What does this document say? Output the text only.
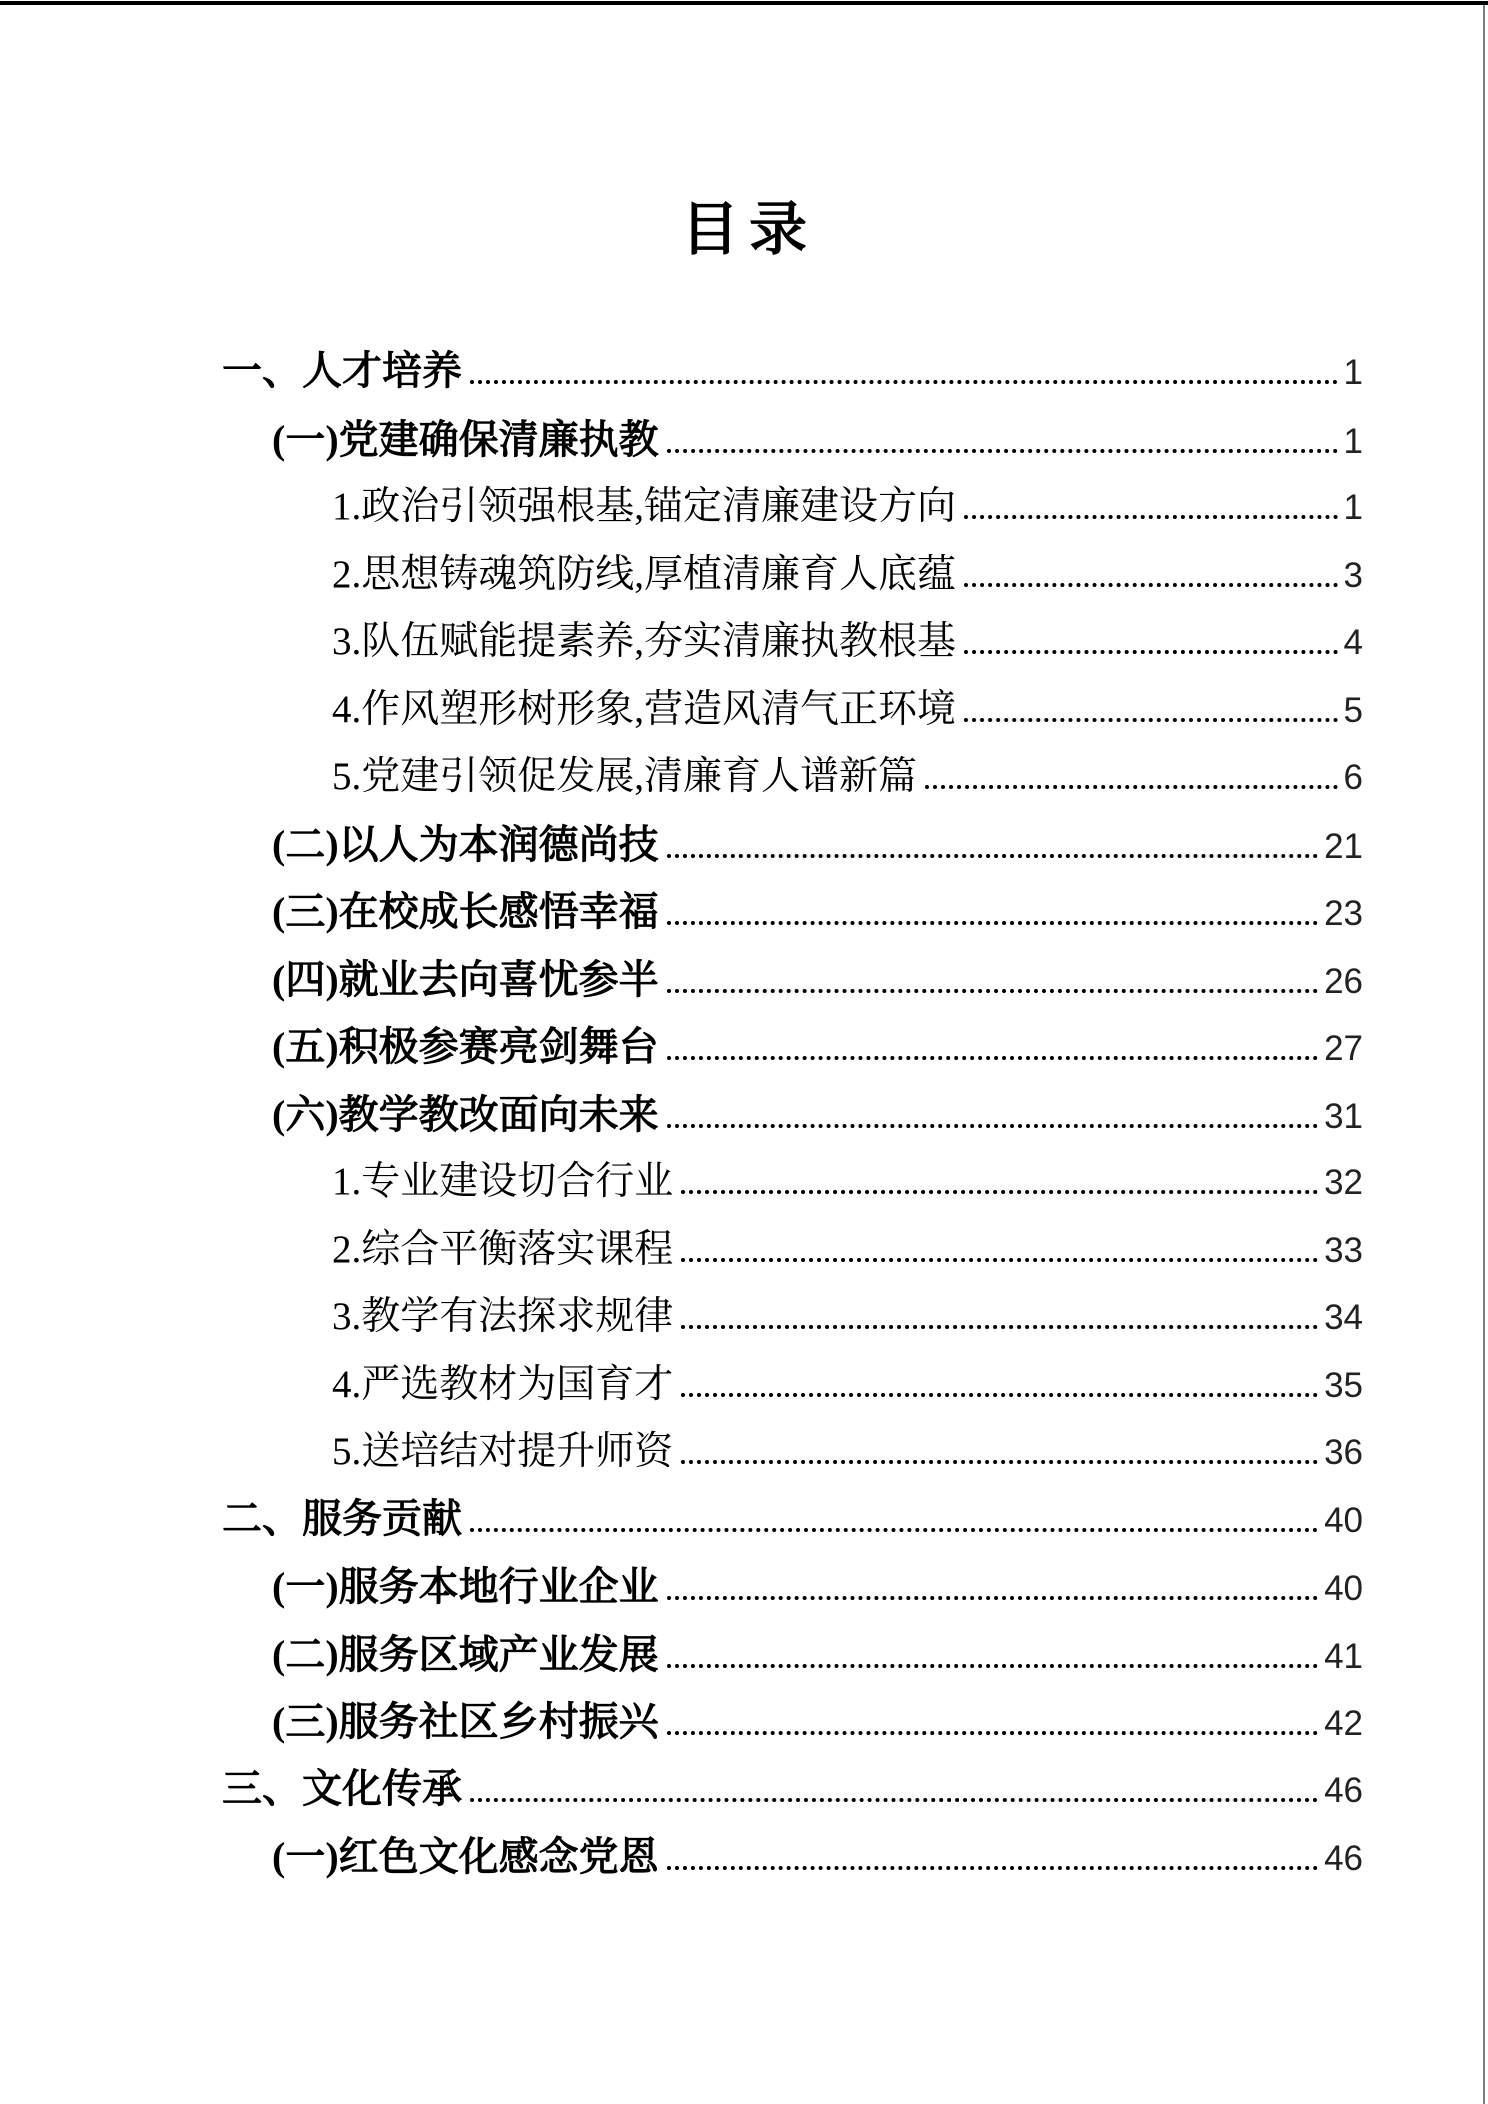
目录
一、人才培养	1
(一)党建确保清廉执教	1
1.政治引领强根基,锚定清廉建设方向	1
2.思想铸魂筑防线,厚植清廉育人底蕴	3
3.队伍赋能提素养,夯实清廉执教根基	4
4.作风塑形树形象,营造风清气正环境	5
5.党建引领促发展,清廉育人谱新篇	6
(二)以人为本润德尚技	21
(三)在校成长感悟幸福	23
(四)就业去向喜忧参半	26
(五)积极参赛亮剑舞台	27
(六)教学教改面向未来	31
1.专业建设切合行业	32
2.综合平衡落实课程	33
3.教学有法探求规律	34
4.严选教材为国育才	35
5.送培结对提升师资	36
二、服务贡献	40
(一)服务本地行业企业	40
(二)服务区域产业发展	41
(三)服务社区乡村振兴	42
三、文化传承	46
(一)红色文化感念党恩	46
